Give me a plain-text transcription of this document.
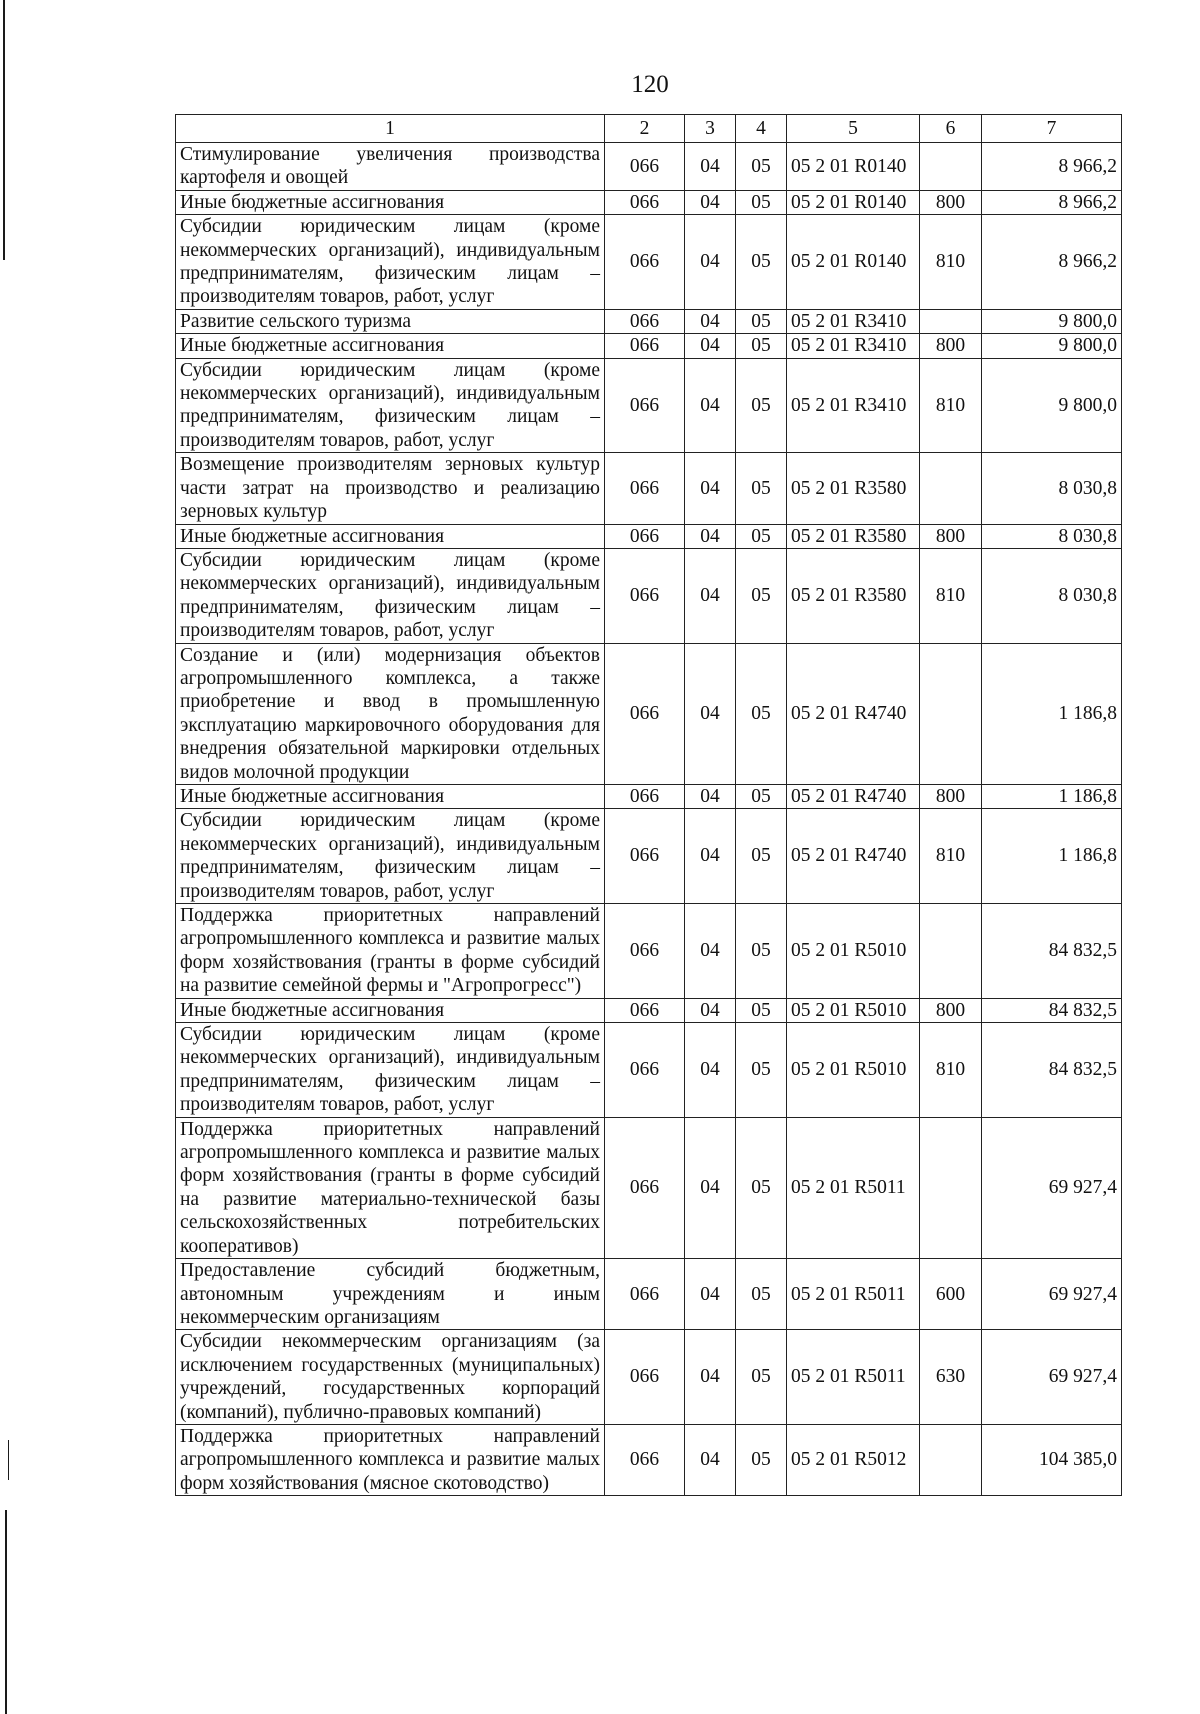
120
1	2	3	4	5	6	7
Стимулирование увеличения производства картофеля и овощей	066	04	05	05 2 01 R0140		8 966,2
Иные бюджетные ассигнования	066	04	05	05 2 01 R0140	800	8 966,2
Субсидии юридическим лицам (кроме некоммерческих организаций), индивидуальным предпринимателям, физическим лицам – производителям товаров, работ, услуг	066	04	05	05 2 01 R0140	810	8 966,2
Развитие сельского туризма	066	04	05	05 2 01 R3410		9 800,0
Иные бюджетные ассигнования	066	04	05	05 2 01 R3410	800	9 800,0
Субсидии юридическим лицам (кроме некоммерческих организаций), индивидуальным предпринимателям, физическим лицам – производителям товаров, работ, услуг	066	04	05	05 2 01 R3410	810	9 800,0
Возмещение производителям зерновых культур части затрат на производство и реализацию зерновых культур	066	04	05	05 2 01 R3580		8 030,8
Иные бюджетные ассигнования	066	04	05	05 2 01 R3580	800	8 030,8
Субсидии юридическим лицам (кроме некоммерческих организаций), индивидуальным предпринимателям, физическим лицам – производителям товаров, работ, услуг	066	04	05	05 2 01 R3580	810	8 030,8
Создание и (или) модернизация объектов агропромышленного комплекса, а также приобретение и ввод в промышленную эксплуатацию маркировочного оборудования для внедрения обязательной маркировки отдельных видов молочной продукции	066	04	05	05 2 01 R4740		1 186,8
Иные бюджетные ассигнования	066	04	05	05 2 01 R4740	800	1 186,8
Субсидии юридическим лицам (кроме некоммерческих организаций), индивидуальным предпринимателям, физическим лицам – производителям товаров, работ, услуг	066	04	05	05 2 01 R4740	810	1 186,8
Поддержка приоритетных направлений агропромышленного комплекса и развитие малых форм хозяйствования (гранты в форме субсидий на развитие семейной фермы и "Агропрогресс")	066	04	05	05 2 01 R5010		84 832,5
Иные бюджетные ассигнования	066	04	05	05 2 01 R5010	800	84 832,5
Субсидии юридическим лицам (кроме некоммерческих организаций), индивидуальным предпринимателям, физическим лицам – производителям товаров, работ, услуг	066	04	05	05 2 01 R5010	810	84 832,5
Поддержка приоритетных направлений агропромышленного комплекса и развитие малых форм хозяйствования (гранты в форме субсидий на развитие материально-технической базы сельскохозяйственных потребительских кооперативов)	066	04	05	05 2 01 R5011		69 927,4
Предоставление субсидий бюджетным, автономным учреждениям и иным некоммерческим организациям	066	04	05	05 2 01 R5011	600	69 927,4
Субсидии некоммерческим организациям (за исключением государственных (муниципальных) учреждений, государственных корпораций (компаний), публично-правовых компаний)	066	04	05	05 2 01 R5011	630	69 927,4
Поддержка приоритетных направлений агропромышленного комплекса и развитие малых форм хозяйствования (мясное скотоводство)	066	04	05	05 2 01 R5012		104 385,0
